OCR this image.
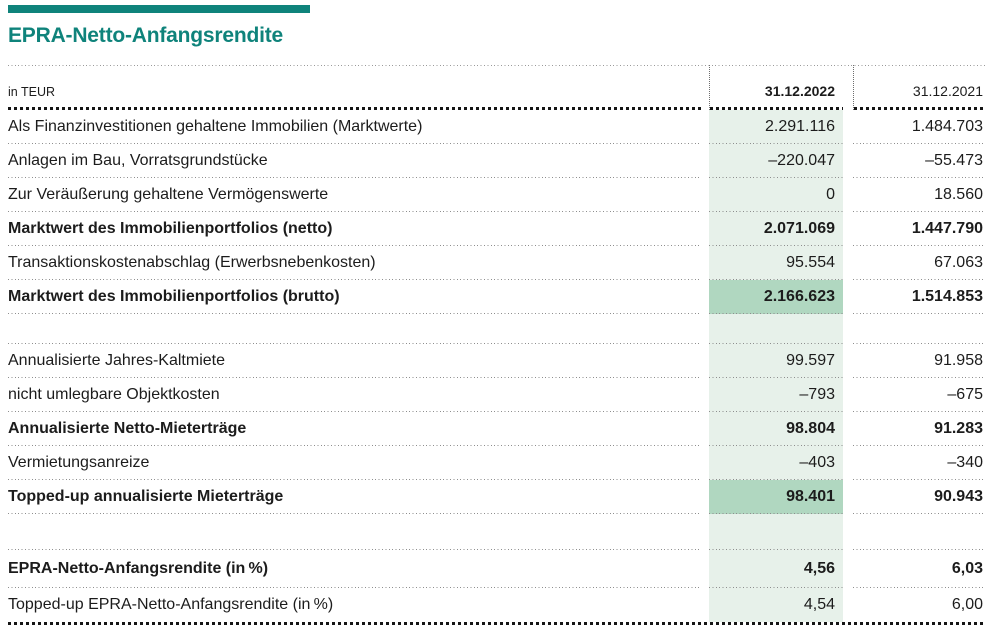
EPRA-Netto-Anfangsrendite
in TEUR	31.12.2022	31.12.2021
Als Finanzinvestitionen gehaltene Immobilien (Marktwerte)	2.291.116	1.484.703
Anlagen im Bau, Vorratsgrundstücke	–220.047	–55.473
Zur Veräußerung gehaltene Vermögenswerte	0	18.560
Marktwert des Immobilienportfolios (netto)	2.071.069	1.447.790
Transaktionskostenabschlag (Erwerbsnebenkosten)	95.554	67.063
Marktwert des Immobilienportfolios (brutto)	2.166.623	1.514.853
Annualisierte Jahres-Kaltmiete	99.597	91.958
nicht umlegbare Objektkosten	–793	–675
Annualisierte Netto-Mieterträge	98.804	91.283
Vermietungsanreize	–403	–340
Topped-up annualisierte Mieterträge	98.401	90.943
EPRA-Netto-Anfangsrendite (in %)	4,56	6,03
Topped-up EPRA-Netto-Anfangsrendite (in %)	4,54	6,00
